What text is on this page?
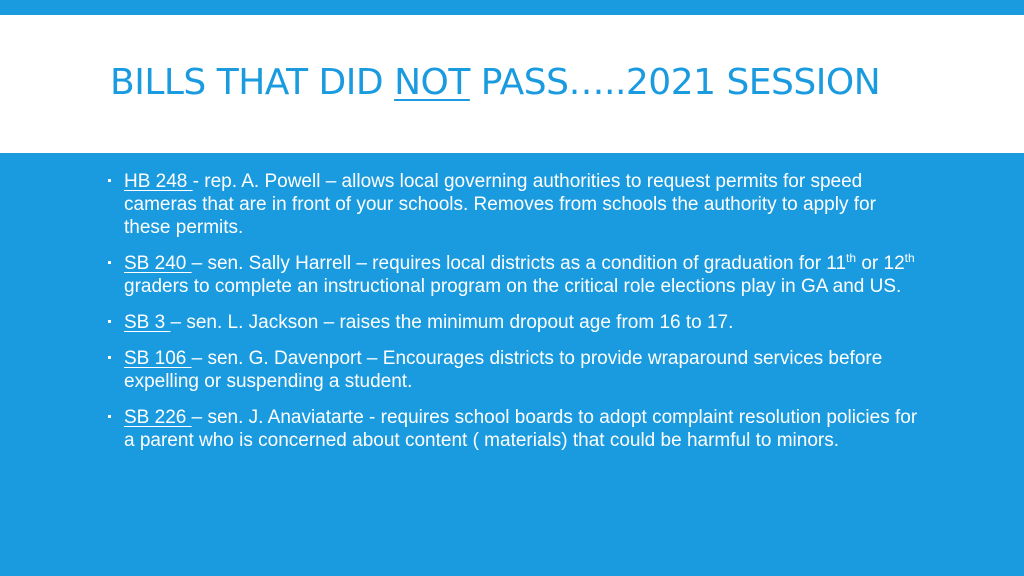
BILLS THAT DID NOT PASS…..2021 SESSION
HB 248 - rep. A. Powell – allows local governing authorities to request permits for speed cameras that are in front of your schools. Removes from schools the authority to apply for these permits.
SB 240 – sen. Sally Harrell – requires local districts as a condition of graduation for 11th or 12th graders to complete an instructional program on the critical role elections play in GA and US.
SB 3 – sen. L. Jackson – raises the minimum dropout age from 16 to 17.
SB 106 – sen. G. Davenport – Encourages districts to provide wraparound services before expelling or suspending a student.
SB 226 – sen. J. Anaviatarte - requires school boards to adopt complaint resolution policies for a parent who is concerned about content ( materials) that could be harmful to minors.
